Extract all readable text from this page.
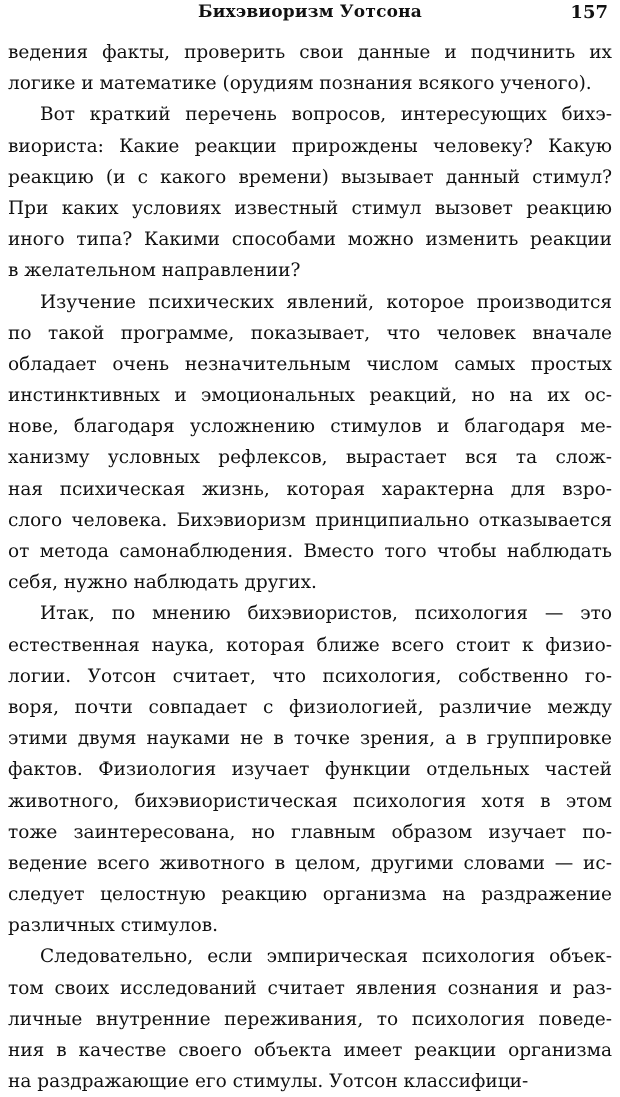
Бихэвиоризм Уотсона	157
ведения факты, проверить свои данные и подчинить их
логике и математике (орудиям познания всякого ученого).
Вот краткий перечень вопросов, интересующих бихэ-
виориста: Какие реакции прирождены человеку? Какую
реакцию (и с какого времени) вызывает данный стимул?
При каких условиях известный стимул вызовет реакцию
иного типа? Какими способами можно изменить реакции
в желательном направлении?
Изучение психических явлений, которое производится
по такой программе, показывает, что человек вначале
обладает очень незначительным числом самых простых
инстинктивных и эмоциональных реакций, но на их ос-
нове, благодаря усложнению стимулов и благодаря ме-
ханизму условных рефлексов, вырастает вся та слож-
ная психическая жизнь, которая характерна для взро-
слого человека. Бихэвиоризм принципиально отказывается
от метода самонаблюдения. Вместо того чтобы наблюдать
себя, нужно наблюдать других.
Итак, по мнению бихэвиористов, психология — это
естественная наука, которая ближе всего стоит к физио-
логии. Уотсон считает, что психология, собственно го-
воря, почти совпадает с физиологией, различие между
этими двумя науками не в точке зрения, а в группировке
фактов. Физиология изучает функции отдельных частей
животного, бихэвиористическая психология хотя в этом
тоже заинтересована, но главным образом изучает по-
ведение всего животного в целом, другими словами — ис-
следует целостную реакцию организма на раздражение
различных стимулов.
Следовательно, если эмпирическая психология объек-
том своих исследований считает явления сознания и раз-
личные внутренние переживания, то психология поведе-
ния в качестве своего объекта имеет реакции организма
на раздражающие его стимулы. Уотсон классифици-
